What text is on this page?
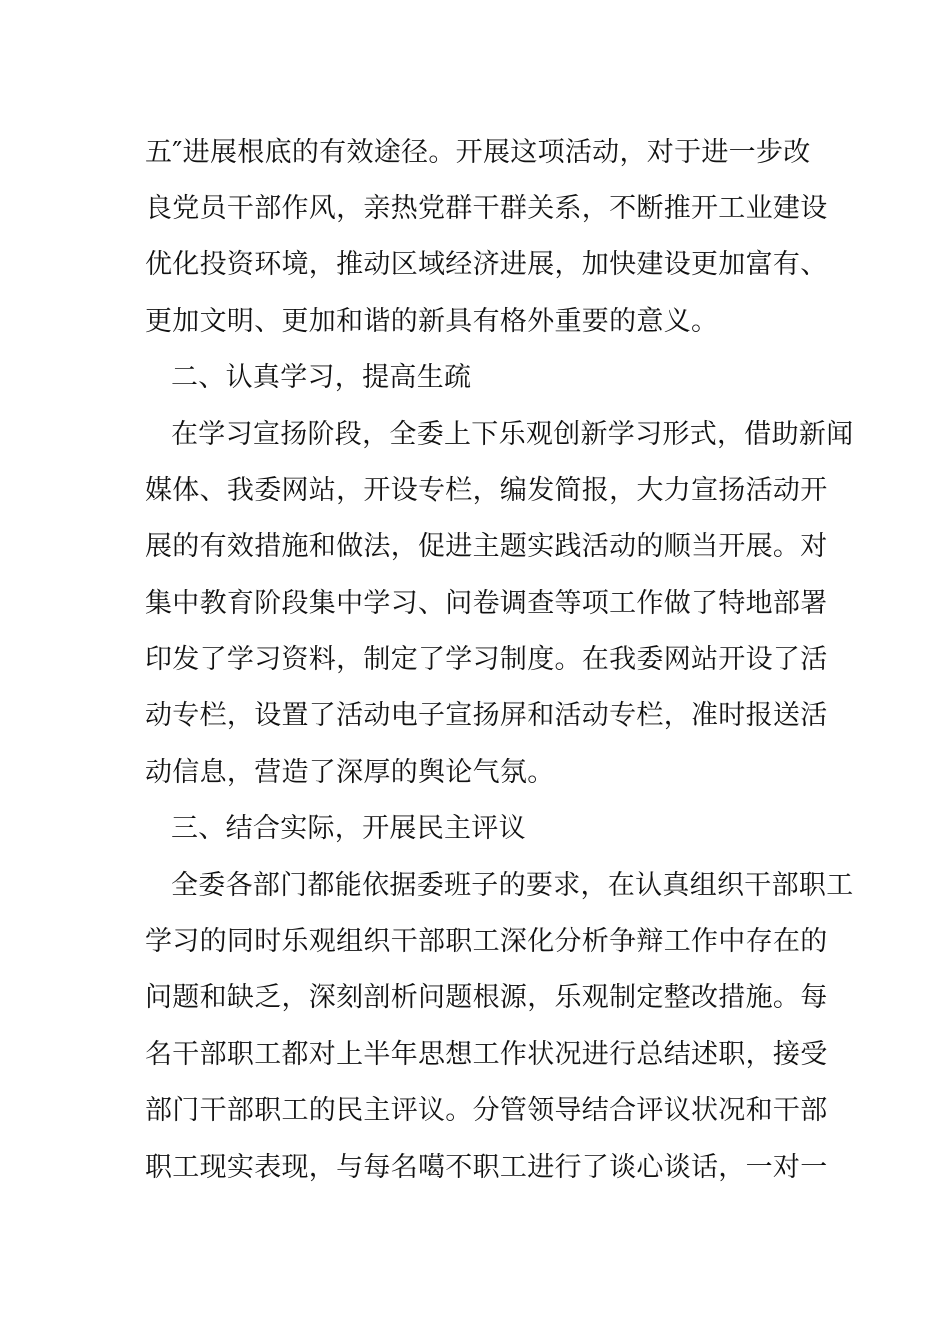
五″进展根底的有效途径。开展这项活动，对于进一步改
良党员干部作风，亲热党群干群关系，不断推开工业建设
优化投资环境，推动区域经济进展，加快建设更加富有、
更加文明、更加和谐的新具有格外重要的意义。
二、认真学习，提高生疏
在学习宣扬阶段，全委上下乐观创新学习形式，借助新闻
媒体、我委网站，开设专栏，编发简报，大力宣扬活动开
展的有效措施和做法，促进主题实践活动的顺当开展。对
集中教育阶段集中学习、问卷调查等项工作做了特地部署
印发了学习资料，制定了学习制度。在我委网站开设了活
动专栏，设置了活动电子宣扬屏和活动专栏，准时报送活
动信息，营造了深厚的舆论气氛。
三、结合实际，开展民主评议
全委各部门都能依据委班子的要求，在认真组织干部职工
学习的同时乐观组织干部职工深化分析争辩工作中存在的
问题和缺乏，深刻剖析问题根源，乐观制定整改措施。每
名干部职工都对上半年思想工作状况进行总结述职，接受
部门干部职工的民主评议。分管领导结合评议状况和干部
职工现实表现，与每名噶不职工进行了谈心谈话，一对一
